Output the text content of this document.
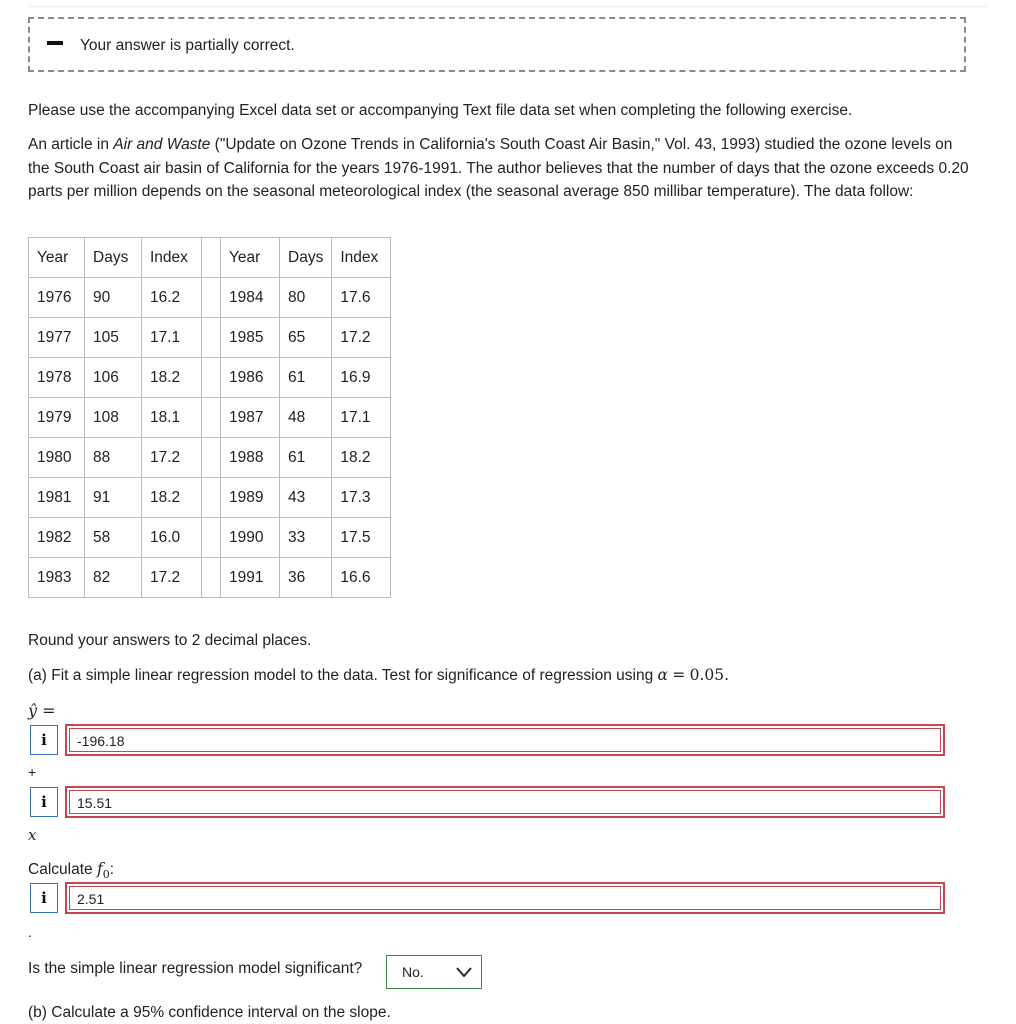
Your answer is partially correct.
Please use the accompanying Excel data set or accompanying Text file data set when completing the following exercise.
An article in Air and Waste ("Update on Ozone Trends in California's South Coast Air Basin," Vol. 43, 1993) studied the ozone levels on the South Coast air basin of California for the years 1976-1991. The author believes that the number of days that the ozone exceeds 0.20 parts per million depends on the seasonal meteorological index (the seasonal average 850 millibar temperature). The data follow:
Year	Days	Index		Year	Days	Index
1976	90	16.2		1984	80	17.6
1977	105	17.1		1985	65	17.2
1978	106	18.2		1986	61	16.9
1979	108	18.1		1987	48	17.1
1980	88	17.2		1988	61	18.2
1981	91	18.2		1989	43	17.3
1982	58	16.0		1990	33	17.5
1983	82	17.2		1991	36	16.6
Round your answers to 2 decimal places.
(a) Fit a simple linear regression model to the data. Test for significance of regression using α = 0.05.
ŷ =
i	-196.18
+
i	15.51
x
Calculate $f_0$:
i	2.51
.
Is the simple linear regression model significant?	No.
(b) Calculate a 95% confidence interval on the slope.
